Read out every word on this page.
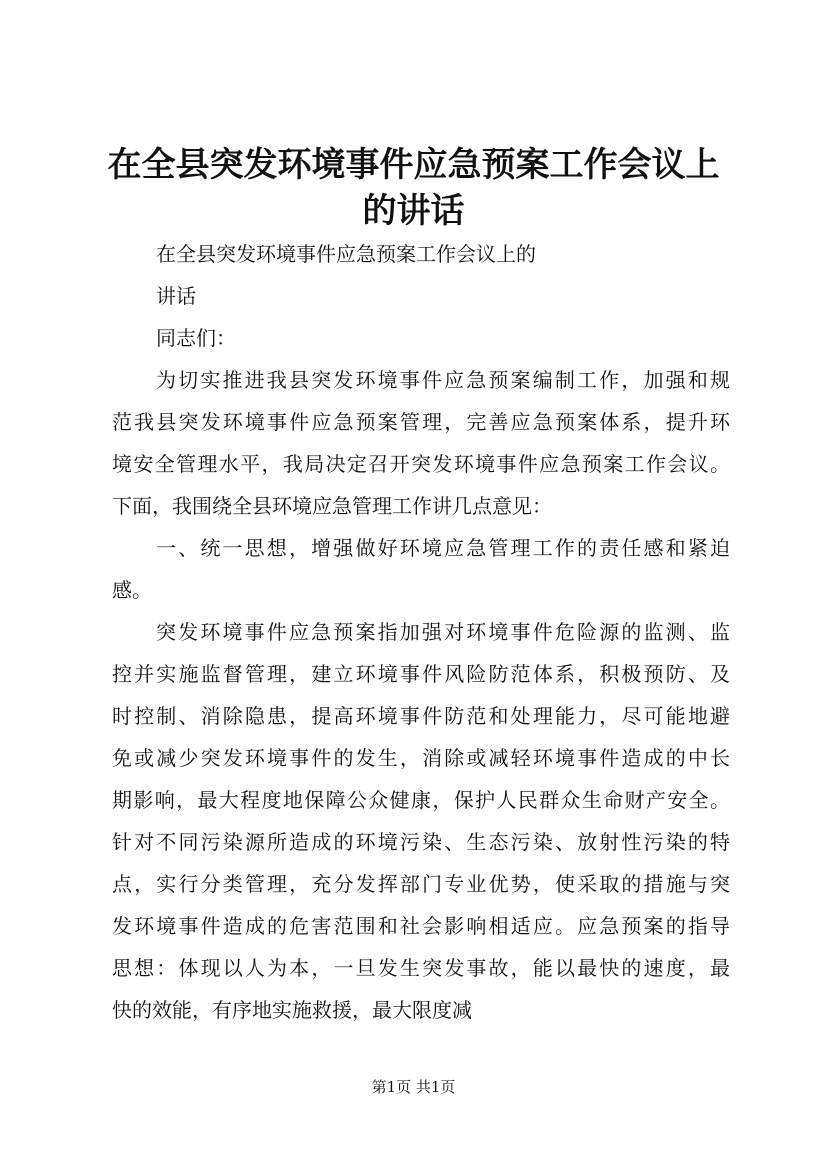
在全县突发环境事件应急预案工作会议上的讲话

在全县突发环境事件应急预案工作会议上的

讲话

同志们：

为切实推进我县突发环境事件应急预案编制工作，加强和规

范我县突发环境事件应急预案管理，完善应急预案体系，提升环

境安全管理水平，我局决定召开突发环境事件应急预案工作会议。

下面，我围绕全县环境应急管理工作讲几点意见：

一、统一思想，增强做好环境应急管理工作的责任感和紧迫

感。

突发环境事件应急预案指加强对环境事件危险源的监测、监

控并实施监督管理，建立环境事件风险防范体系，积极预防、及

时控制、消除隐患，提高环境事件防范和处理能力，尽可能地避

免或减少突发环境事件的发生，消除或减轻环境事件造成的中长

期影响，最大程度地保障公众健康，保护人民群众生命财产安全。

针对不同污染源所造成的环境污染、生态污染、放射性污染的特

点，实行分类管理，充分发挥部门专业优势，使采取的措施与突

发环境事件造成的危害范围和社会影响相适应。应急预案的指导

思想：体现以人为本，一旦发生突发事故，能以最快的速度，最

快的效能，有序地实施救援，最大限度减

第1页 共1页
